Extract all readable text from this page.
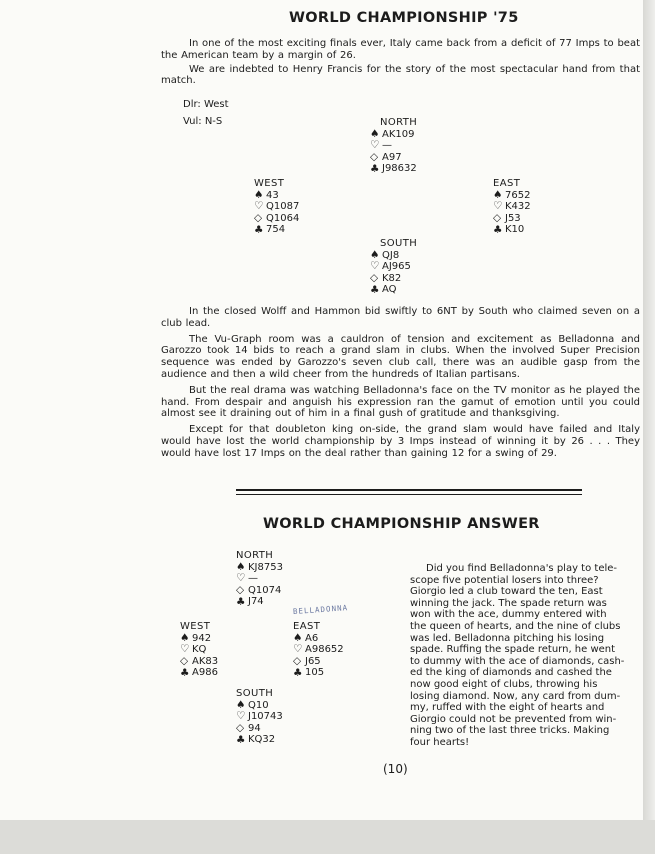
WORLD CHAMPIONSHIP '75

In one of the most exciting finals ever, Italy came back from a deficit of 77 Imps to beat the American team by a margin of 26.

We are indebted to Henry Francis for the story of the most spectacular hand from that match.

Dlr: West
Vul: N-S	NORTH
♠ AK109
♡ —
◇ A97
♣ J98632
WEST
♠ 43
♡ Q1087
◇ Q1064
♣ 754
EAST
♠ 7652
♡ K432
◇ J53
♣ K10
SOUTH
♠ QJ8
♡ AJ965
◇ K82
♣ AQ

In the closed Wolff and Hammon bid swiftly to 6NT by South who claimed seven on a club lead.

The Vu-Graph room was a cauldron of tension and excitement as Belladonna and Garozzo took 14 bids to reach a grand slam in clubs. When the involved Super Precision sequence was ended by Garozzo's seven club call, there was an audible gasp from the audience and then a wild cheer from the hundreds of Italian partisans.

But the real drama was watching Belladonna's face on the TV monitor as he played the hand. From despair and anguish his expression ran the gamut of emotion until you could almost see it draining out of him in a final gush of gratitude and thanksgiving.

Except for that doubleton king on-side, the grand slam would have failed and Italy would have lost the world championship by 3 Imps instead of winning it by 26 . . . They would have lost 17 Imps on the deal rather than gaining 12 for a swing of 29.

WORLD CHAMPIONSHIP ANSWER
NORTH
♠ KJ8753
♡ —
◇ Q1074
♣ J74
BELLADONNA
WEST
♠ 942
♡ KQ
◇ AK83
♣ A986
EAST
♠ A6
♡ A98652
◇ J65
♣ 105
SOUTH
♠ Q10
♡ J10743
◇ 94
♣ KQ32
Did you find Belladonna's play to tele-
scope five potential losers into three?
Giorgio led a club toward the ten, East
winning the jack. The spade return was
won with the ace, dummy entered with
the queen of hearts, and the nine of clubs
was led. Belladonna pitching his losing
spade. Ruffing the spade return, he went
to dummy with the ace of diamonds, cash-
ed the king of diamonds and cashed the
now good eight of clubs, throwing his
losing diamond. Now, any card from dum-
my, ruffed with the eight of hearts and
Giorgio could not be prevented from win-
ning two of the last three tricks. Making
four hearts!
(10)
